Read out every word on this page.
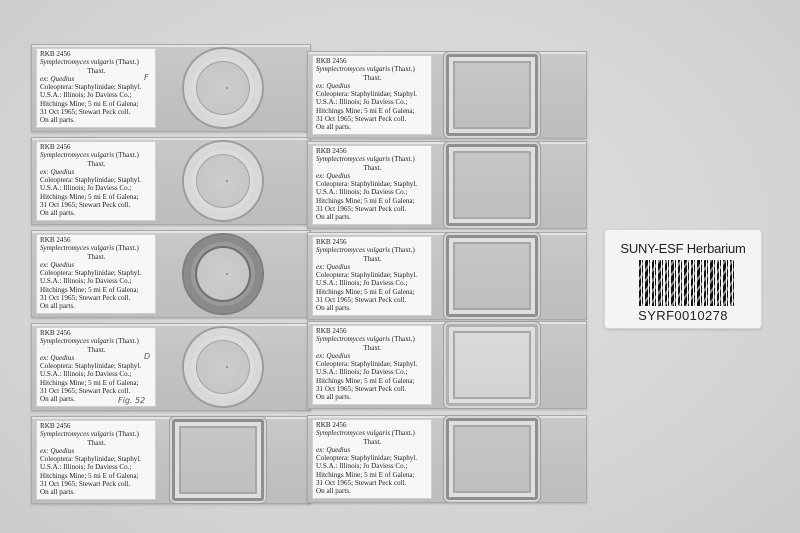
RKB 2456
Symplectromyces vulgaris (Thaxt.)
Thaxt.
ex: Quedius
Coleoptera: Staphylinidae; Staphyl.
U.S.A.: Illinois; Jo Daviess Co.;
Hitchings Mine; 5 mi E of Galena;
31 Oct 1965; Stewart Peck coll.
On all parts.
F
RKB 2456
Symplectromyces vulgaris (Thaxt.)
Thaxt.
ex: Quedius
Coleoptera: Staphylinidae; Staphyl.
U.S.A.: Illinois; Jo Daviess Co.;
Hitchings Mine; 5 mi E of Galena;
31 Oct 1965; Stewart Peck coll.
On all parts.
RKB 2456
Symplectromyces vulgaris (Thaxt.)
Thaxt.
ex: Quedius
Coleoptera: Staphylinidae; Staphyl.
U.S.A.: Illinois; Jo Daviess Co.;
Hitchings Mine; 5 mi E of Galena;
31 Oct 1965; Stewart Peck coll.
On all parts.
RKB 2456
Symplectromyces vulgaris (Thaxt.)
Thaxt.
ex: Quedius
Coleoptera: Staphylinidae; Staphyl.
U.S.A.: Illinois; Jo Daviess Co.;
Hitchings Mine; 5 mi E of Galena;
31 Oct 1965; Stewart Peck coll.
On all parts.
D
Fig. 52
RKB 2456
Symplectromyces vulgaris (Thaxt.)
Thaxt.
ex: Quedius
Coleoptera: Staphylinidae; Staphyl.
U.S.A.: Illinois; Jo Daviess Co.;
Hitchings Mine; 5 mi E of Galena;
31 Oct 1965; Stewart Peck coll.
On all parts.
RKB 2456
Symplectromyces vulgaris (Thaxt.)
Thaxt.
ex: Quedius
Coleoptera: Staphylinidae; Staphyl.
U.S.A.: Illinois; Jo Daviess Co.;
Hitchings Mine; 5 mi E of Galena;
31 Oct 1965; Stewart Peck coll.
On all parts.
RKB 2456
Symplectromyces vulgaris (Thaxt.)
Thaxt.
ex: Quedius
Coleoptera: Staphylinidae; Staphyl.
U.S.A.: Illinois; Jo Daviess Co.;
Hitchings Mine; 5 mi E of Galena;
31 Oct 1965; Stewart Peck coll.
On all parts.
RKB 2456
Symplectromyces vulgaris (Thaxt.)
Thaxt.
ex: Quedius
Coleoptera: Staphylinidae; Staphyl.
U.S.A.: Illinois; Jo Daviess Co.;
Hitchings Mine; 5 mi E of Galena;
31 Oct 1965; Stewart Peck coll.
On all parts.
RKB 2456
Symplectromyces vulgaris (Thaxt.)
Thaxt.
ex: Quedius
Coleoptera: Staphylinidae; Staphyl.
U.S.A.: Illinois; Jo Daviess Co.;
Hitchings Mine; 5 mi E of Galena;
31 Oct 1965; Stewart Peck coll.
On all parts.
RKB 2456
Symplectromyces vulgaris (Thaxt.)
Thaxt.
ex: Quedius
Coleoptera: Staphylinidae; Staphyl.
U.S.A.: Illinois; Jo Daviess Co.;
Hitchings Mine; 5 mi E of Galena;
31 Oct 1965; Stewart Peck coll.
On all parts.
SUNY-ESF Herbarium
SYRF0010278
